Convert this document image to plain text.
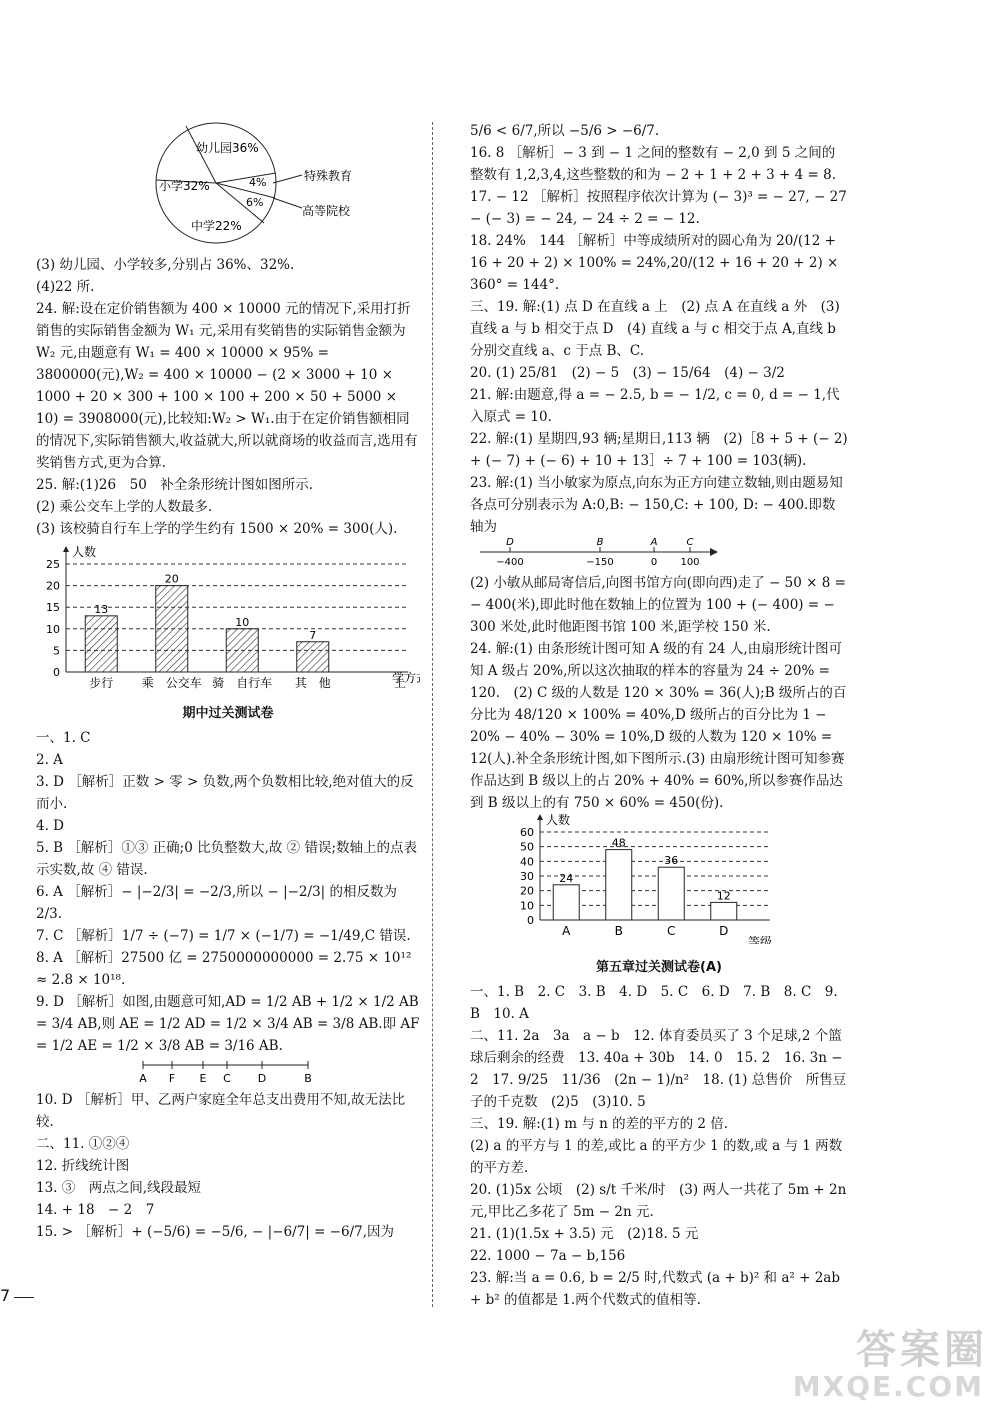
幼儿园36%
小学32%
中学22%
6%
4%	特殊教育
高等院校

(3) 幼儿园、小学较多,分别占 36%、32%.

(4)22 所.

24. 解:设在定价销售额为 400 × 10000 元的情况下,采用打折销售的实际销售金额为 W₁ 元,采用有奖销售的实际销售金额为 W₂ 元,由题意有 W₁ = 400 × 10000 × 95% = 3800000(元),W₂ = 400 × 10000 − (2 × 3000 + 10 × 1000 + 20 × 300 + 100 × 100 + 200 × 50 + 5000 × 10) = 3908000(元),比较知:W₂ > W₁.由于在定价销售额相同的情况下,实际销售额大,收益就大,所以就商场的收益而言,选用有奖销售方式,更为合算.

25. 解:(1)26　50　补全条形统计图如图所示.

(2) 乘公交车上学的人数最多.

(3) 该校骑自行车上学的学生约有 1500 × 20% = 300(人).

人数
0
5
10
15
20
25
13
步行
20
乘　公交车
10
骑　自行车
7
其　他	上
学方
期中过关测试卷

一、1. C

2. A

3. D ［解析］正数 > 零 > 负数,两个负数相比较,绝对值大的反而小.

4. D

5. B ［解析］①③ 正确;0 比负整数大,故 ② 错误;数轴上的点表示实数,故 ④ 错误.

6. A ［解析］− |−2/3| = −2/3,所以 − |−2/3| 的相反数为 2/3.

7. C ［解析］1/7 ÷ (−7) = 1/7 × (−1/7) = −1/49,C 错误.

8. A ［解析］27500 亿 = 2750000000000 = 2.75 × 10¹² ≈ 2.8 × 10¹⁸.

9. D ［解析］如图,由题意可知,AD = 1/2 AB + 1/2 × 1/2 AB = 3/4 AB,则 AE = 1/2 AD = 1/2 × 3/4 AB = 3/8 AB.即 AF = 1/2 AE = 1/2 × 3/8 AB = 3/16 AB.

A F E C D	B

10. D ［解析］甲、乙两户家庭全年总支出费用不知,故无法比较.

二、11. ①②④

12. 折线统计图

13. ③　两点之间,线段最短

14. + 18　− 2　7

15. > ［解析］+ (−5/6) = −5/6, − |−6/7| = −6/7,因为

5/6 < 6/7,所以 −5/6 > −6/7.

16. 8 ［解析］− 3 到 − 1 之间的整数有 − 2,0 到 5 之间的整数有 1,2,3,4,这些整数的和为 − 2 + 1 + 2 + 3 + 4 = 8.

17. − 12 ［解析］按照程序依次计算为 (− 3)³ = − 27, − 27 − (− 3) = − 24, − 24 ÷ 2 = − 12.

18. 24%　144 ［解析］中等成绩所对的圆心角为 20/(12 + 16 + 20 + 2) × 100% = 24%,20/(12 + 16 + 20 + 2) × 360° = 144°.

三、19. 解:(1) 点 D 在直线 a 上　(2) 点 A 在直线 a 外　(3) 直线 a 与 b 相交于点 D　(4) 直线 a 与 c 相交于点 A,直线 b 分别交直线 a、c 于点 B、C.

20. (1) 25/81　(2) − 5　(3) − 15/64　(4) − 3/2

21. 解:由题意,得 a = − 2.5, b = − 1/2, c = 0, d = − 1,代入原式 = 10.

22. 解:(1) 星期四,93 辆;星期日,113 辆　(2)［8 + 5 + (− 2) + (− 7) + (− 6) + 10 + 13］÷ 7 + 100 = 103(辆).

23. 解:(1) 当小敏家为原点,向东为正方向建立数轴,则由题易知各点可分别表示为 A:0,B: − 150,C: + 100, D: − 400.即数轴为

D
−400
B
−150
A
0
C
100

(2) 小敏从邮局寄信后,向图书馆方向(即向西)走了 − 50 × 8 = − 400(米),即此时他在数轴上的位置为 100 + (− 400) = − 300 米处,此时他距图书馆 100 米,距学校 150 米.

24. 解:(1) 由条形统计图可知 A 级的有 24 人,由扇形统计图可知 A 级占 20%,所以这次抽取的样本的容量为 24 ÷ 20% = 120.　(2) C 级的人数是 120 × 30% = 36(人);B 级所占的百分比为 48/120 × 100% = 40%,D 级所占的百分比为 1 − 20% − 40% − 30% = 10%,D 级的人数为 120 × 10% = 12(人).补全条形统计图,如下图所示.(3) 由扇形统计图可知参赛作品达到 B 级以上的占 20% + 40% = 60%,所以参赛作品达到 B 级以上的有 750 × 60% = 450(份).

人数
等级
0
10
20
30
40
50
60
24
A
48
B
36
C
12
D
第五章过关测试卷(A)

一、1. B　2. C　3. B　4. D　5. C　6. D　7. B　8. C　9. B　10. A

二、11. 2a　3a　a − b　12. 体育委员买了 3 个足球,2 个篮球后剩余的经费　13. 40a + 30b　14. 0　15. 2　16. 3n − 2　17. 9/25　11/36　(2n − 1)/n²　18. (1) 总售价　所售豆子的千克数　(2)5　(3)10. 5

三、19. 解:(1) m 与 n 的差的平方的 2 倍.

(2) a 的平方与 1 的差,或比 a 的平方少 1 的数,或 a 与 1 两数的平方差.

20. (1)5x 公顷　(2) s/t 千米/时　(3) 两人一共花了 5m + 2n 元,甲比乙多花了 5m − 2n 元.

21. (1)(1.5x + 3.5) 元　(2)18. 5 元

22. 1000 − 7a − b,156

23. 解:当 a = 0.6, b = 2/5 时,代数式 (a + b)² 和 a² + 2ab + b² 的值都是 1.两个代数式的值相等.

7
答案圈
MXQE.COM
